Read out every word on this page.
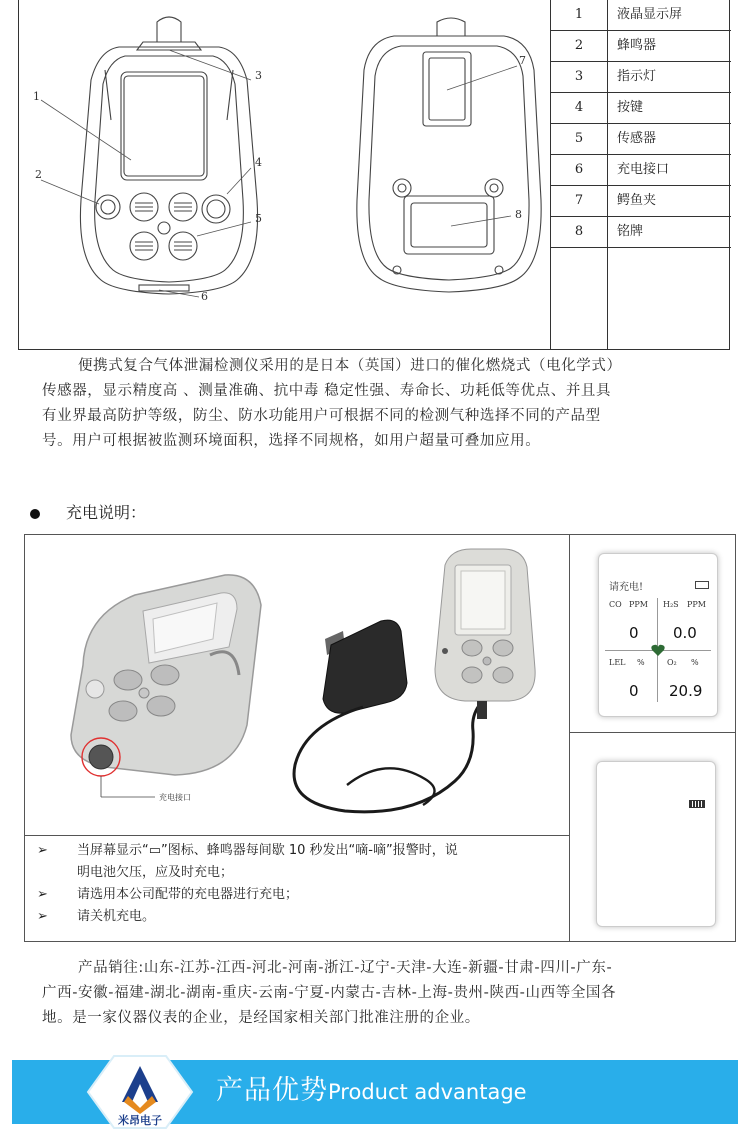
1
2
3
4
5
6
7
8
1	液晶显示屏
2	蜂鸣器
3	指示灯
4	按键
5	传感器
6	充电接口
7	鳄鱼夹
8	铭牌
便携式复合气体泄漏检测仪采用的是日本（英国）进口的催化燃烧式（电化学式）
传感器，显示精度高 、测量准确、抗中毒 稳定性强、寿命长、功耗低等优点、并且具
有业界最高防护等级，防尘、防水功能用户可根据不同的检测气种选择不同的产品型
号。用户可根据被监测环境面积，选择不同规格，如用户超量可叠加应用。
充电说明：
充电接口
➢ 当屏幕显示“▭”图标、蜂鸣器每间歇 10 秒发出“嘀-嘀”报警时，说
明电池欠压，应及时充电；
➢ 请选用本公司配带的充电器进行充电；
➢ 请关机充电。
请充电!
CO PPM
0
H₂S PPM
0.0
LEL %
0
O₂ %
20.9
产品销往:山东-江苏-江西-河北-河南-浙江-辽宁-天津-大连-新疆-甘肃-四川-广东-
广西-安徽-福建-湖北-湖南-重庆-云南-宁夏-内蒙古-吉林-上海-贵州-陕西-山西等全国各
地。是一家仪器仪表的企业，是经国家相关部门批准注册的企业。
米昂电子
产品优势Product advantage
